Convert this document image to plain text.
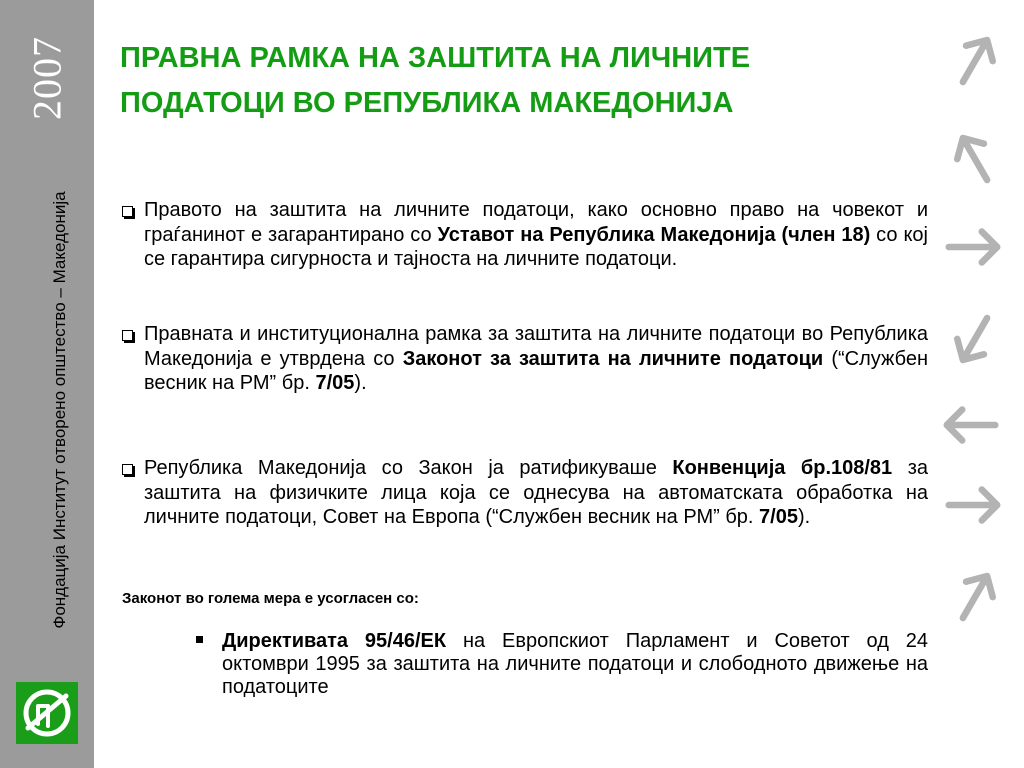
2007
Фондација Институт отворено општество – Македонија
ПРАВНА РАМКА НА ЗАШТИТА НА ЛИЧНИТЕ
ПОДАТОЦИ ВО РЕПУБЛИКА МАКЕДОНИЈА
Правото на заштита на личните податоци, како основно право на човекот и граѓанинот е загарантирано со Уставот на Република Македонија (член 18) со кој се гарантира сигурноста и тајноста на личните податоци.
Правната и институционална рамка за заштита на личните податоци во Република Македонија е утврдена со Законот за заштита на личните податоци (“Службен весник на РМ” бр. 7/05).
Република Македонија со Закон ја ратификуваше Конвенција бр.108/81 за заштита на физичките лица која се однесува на автоматската обработка на личните податоци, Совет на Европа (“Службен весник на РМ” бр. 7/05).
Законот во голема мера е усогласен со:
Директивата 95/46/ЕК на Европскиот Парламент и Советот од 24 октомври 1995 за заштита на личните податоци и слободното движење на податоците
